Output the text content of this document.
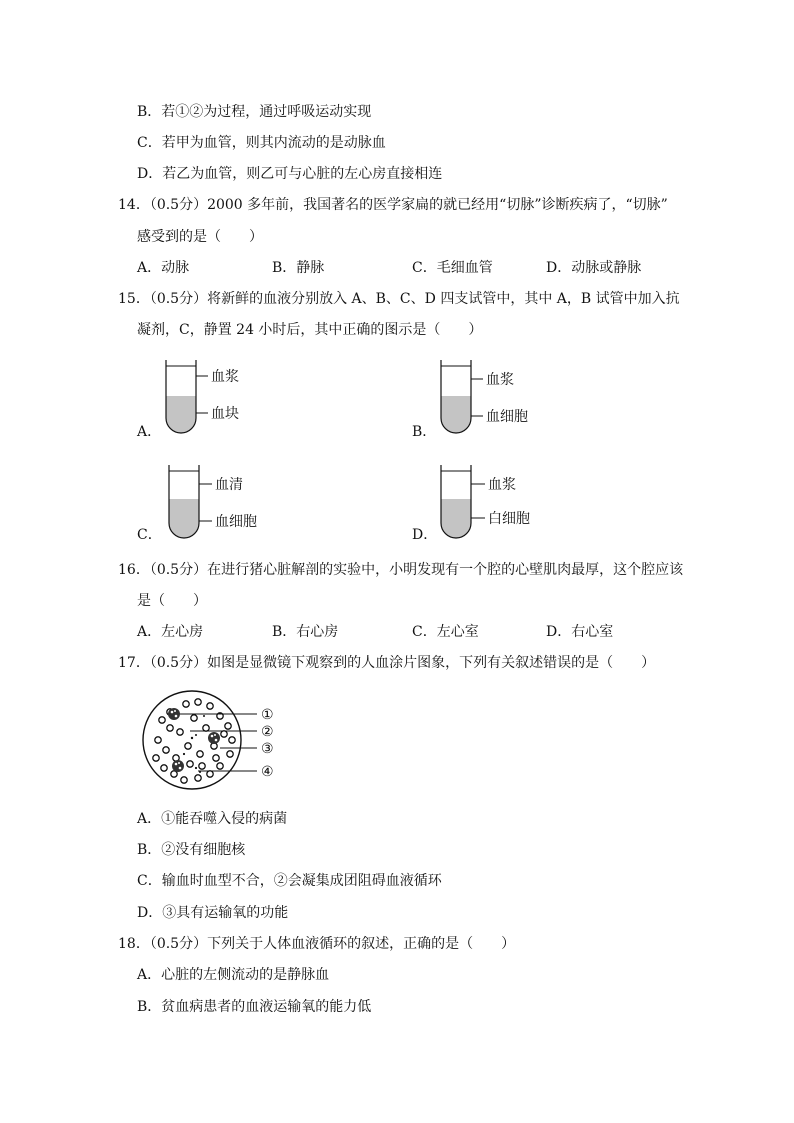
B．若①②为过程，通过呼吸运动实现
C．若甲为血管，则其内流动的是动脉血
D．若乙为血管，则乙可与心脏的左心房直接相连
14．（0.5分）2000 多年前，我国著名的医学家扁的就已经用“切脉”诊断疾病了，“切脉”
感受到的是（　　）
A．动脉	B．静脉	C．毛细血管	D．动脉或静脉
15．（0.5分）将新鲜的血液分别放入 A、B、C、D 四支试管中，其中 A，B 试管中加入抗
凝剂，C，静置 24 小时后，其中正确的图示是（　　）
A．
血浆
血块
B．
血浆
血细胞
C．
血清
血细胞
D．
血浆
白细胞
16．（0.5分）在进行猪心脏解剖的实验中，小明发现有一个腔的心壁肌肉最厚，这个腔应该
是（　　）
A．左心房	B．右心房	C．左心室	D．右心室
17．（0.5分）如图是显微镜下观察到的人血涂片图象，下列有关叙述错误的是（　　）
①
②
③
④
A．①能吞噬入侵的病菌
B．②没有细胞核
C．输血时血型不合，②会凝集成团阻碍血液循环
D．③具有运输氧的功能
18．（0.5分）下列关于人体血液循环的叙述，正确的是（　　）
A．心脏的左侧流动的是静脉血
B．贫血病患者的血液运输氧的能力低
